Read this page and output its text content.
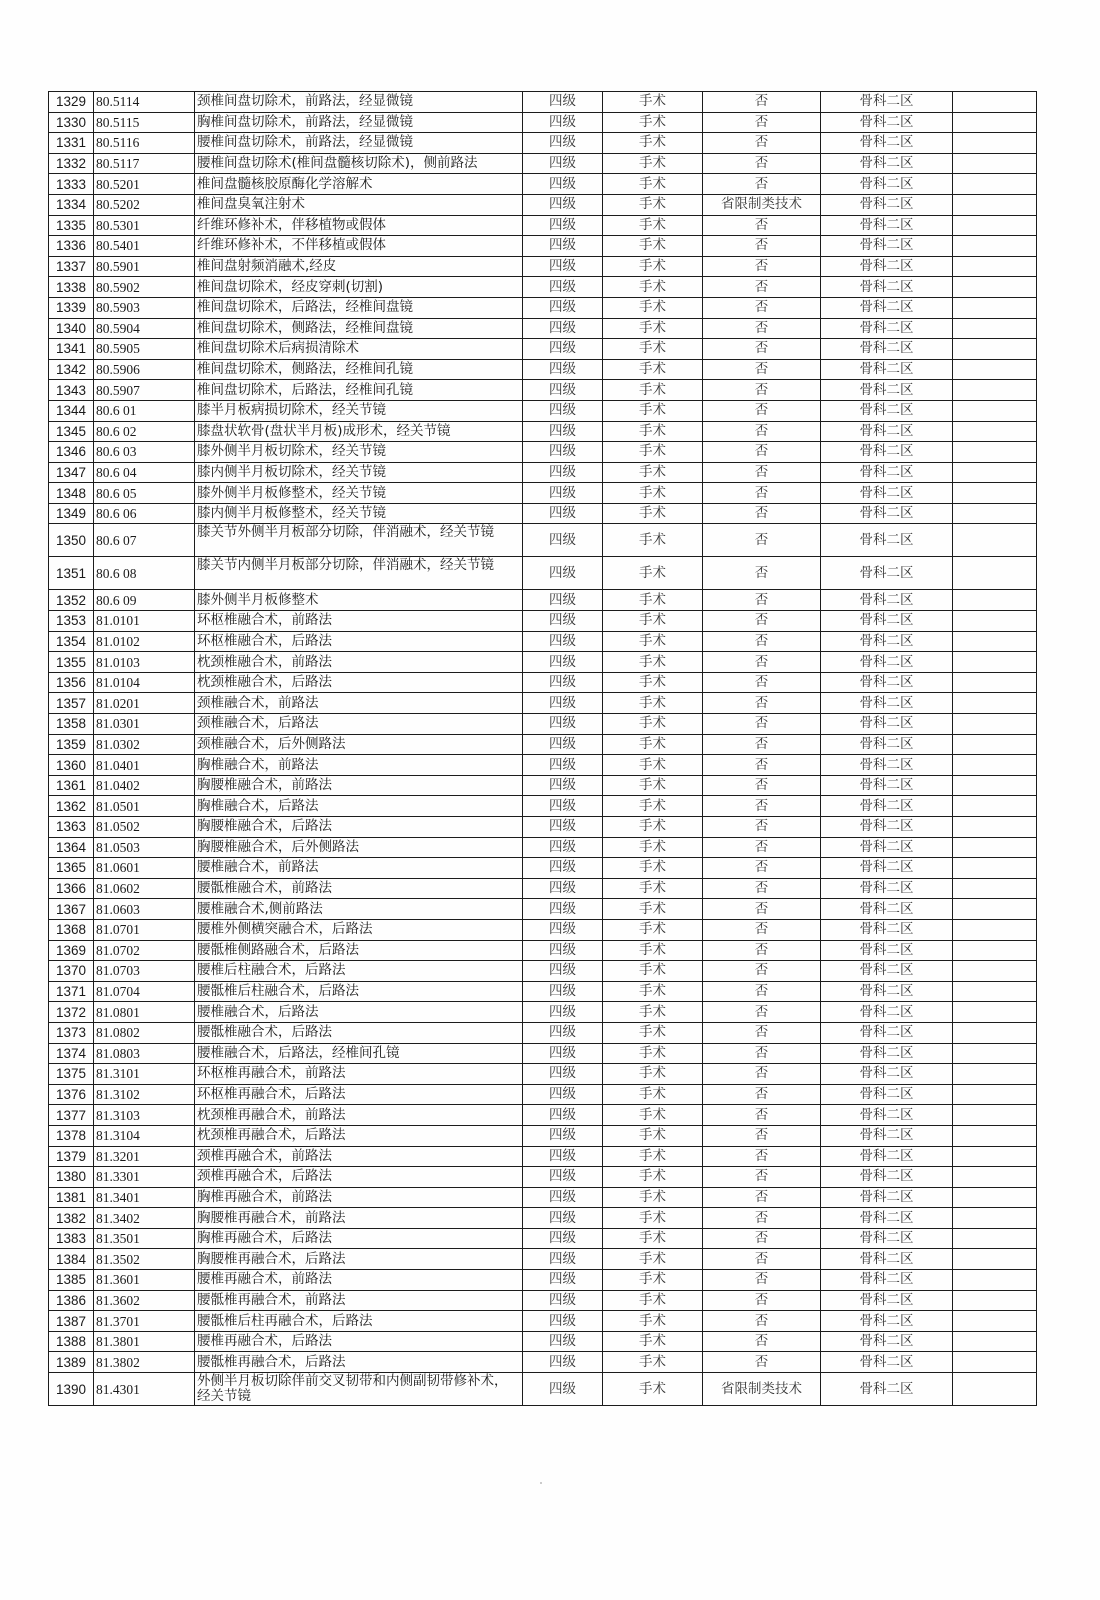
1329	80.5114	颈椎间盘切除术，前路法，经显微镜	四级	手术	否	骨科二区	
1330	80.5115	胸椎间盘切除术，前路法，经显微镜	四级	手术	否	骨科二区	
1331	80.5116	腰椎间盘切除术，前路法，经显微镜	四级	手术	否	骨科二区	
1332	80.5117	腰椎间盘切除术(椎间盘髓核切除术)，侧前路法	四级	手术	否	骨科二区	
1333	80.5201	椎间盘髓核胶原酶化学溶解术	四级	手术	否	骨科二区	
1334	80.5202	椎间盘臭氧注射术	四级	手术	省限制类技术	骨科二区	
1335	80.5301	纤维环修补术，伴移植物或假体	四级	手术	否	骨科二区	
1336	80.5401	纤维环修补术，不伴移植或假体	四级	手术	否	骨科二区	
1337	80.5901	椎间盘射频消融术,经皮	四级	手术	否	骨科二区	
1338	80.5902	椎间盘切除术，经皮穿刺(切割)	四级	手术	否	骨科二区	
1339	80.5903	椎间盘切除术，后路法，经椎间盘镜	四级	手术	否	骨科二区	
1340	80.5904	椎间盘切除术，侧路法，经椎间盘镜	四级	手术	否	骨科二区	
1341	80.5905	椎间盘切除术后病损清除术	四级	手术	否	骨科二区	
1342	80.5906	椎间盘切除术，侧路法，经椎间孔镜	四级	手术	否	骨科二区	
1343	80.5907	椎间盘切除术，后路法，经椎间孔镜	四级	手术	否	骨科二区	
1344	80.6 01	膝半月板病损切除术，经关节镜	四级	手术	否	骨科二区	
1345	80.6 02	膝盘状软骨(盘状半月板)成形术，经关节镜	四级	手术	否	骨科二区	
1346	80.6 03	膝外侧半月板切除术，经关节镜	四级	手术	否	骨科二区	
1347	80.6 04	膝内侧半月板切除术，经关节镜	四级	手术	否	骨科二区	
1348	80.6 05	膝外侧半月板修整术，经关节镜	四级	手术	否	骨科二区	
1349	80.6 06	膝内侧半月板修整术，经关节镜	四级	手术	否	骨科二区	
1350	80.6 07	膝关节外侧半月板部分切除，伴消融术，经关节镜	四级	手术	否	骨科二区	
1351	80.6 08	膝关节内侧半月板部分切除，伴消融术，经关节镜	四级	手术	否	骨科二区	
1352	80.6 09	膝外侧半月板修整术	四级	手术	否	骨科二区	
1353	81.0101	环枢椎融合术，前路法	四级	手术	否	骨科二区	
1354	81.0102	环枢椎融合术，后路法	四级	手术	否	骨科二区	
1355	81.0103	枕颈椎融合术，前路法	四级	手术	否	骨科二区	
1356	81.0104	枕颈椎融合术，后路法	四级	手术	否	骨科二区	
1357	81.0201	颈椎融合术，前路法	四级	手术	否	骨科二区	
1358	81.0301	颈椎融合术，后路法	四级	手术	否	骨科二区	
1359	81.0302	颈椎融合术，后外侧路法	四级	手术	否	骨科二区	
1360	81.0401	胸椎融合术，前路法	四级	手术	否	骨科二区	
1361	81.0402	胸腰椎融合术，前路法	四级	手术	否	骨科二区	
1362	81.0501	胸椎融合术，后路法	四级	手术	否	骨科二区	
1363	81.0502	胸腰椎融合术，后路法	四级	手术	否	骨科二区	
1364	81.0503	胸腰椎融合术，后外侧路法	四级	手术	否	骨科二区	
1365	81.0601	腰椎融合术，前路法	四级	手术	否	骨科二区	
1366	81.0602	腰骶椎融合术，前路法	四级	手术	否	骨科二区	
1367	81.0603	腰椎融合术,侧前路法	四级	手术	否	骨科二区	
1368	81.0701	腰椎外侧横突融合术，后路法	四级	手术	否	骨科二区	
1369	81.0702	腰骶椎侧路融合术，后路法	四级	手术	否	骨科二区	
1370	81.0703	腰椎后柱融合术，后路法	四级	手术	否	骨科二区	
1371	81.0704	腰骶椎后柱融合术，后路法	四级	手术	否	骨科二区	
1372	81.0801	腰椎融合术，后路法	四级	手术	否	骨科二区	
1373	81.0802	腰骶椎融合术，后路法	四级	手术	否	骨科二区	
1374	81.0803	腰椎融合术，后路法，经椎间孔镜	四级	手术	否	骨科二区	
1375	81.3101	环枢椎再融合术，前路法	四级	手术	否	骨科二区	
1376	81.3102	环枢椎再融合术，后路法	四级	手术	否	骨科二区	
1377	81.3103	枕颈椎再融合术，前路法	四级	手术	否	骨科二区	
1378	81.3104	枕颈椎再融合术，后路法	四级	手术	否	骨科二区	
1379	81.3201	颈椎再融合术，前路法	四级	手术	否	骨科二区	
1380	81.3301	颈椎再融合术，后路法	四级	手术	否	骨科二区	
1381	81.3401	胸椎再融合术，前路法	四级	手术	否	骨科二区	
1382	81.3402	胸腰椎再融合术，前路法	四级	手术	否	骨科二区	
1383	81.3501	胸椎再融合术，后路法	四级	手术	否	骨科二区	
1384	81.3502	胸腰椎再融合术，后路法	四级	手术	否	骨科二区	
1385	81.3601	腰椎再融合术，前路法	四级	手术	否	骨科二区	
1386	81.3602	腰骶椎再融合术，前路法	四级	手术	否	骨科二区	
1387	81.3701	腰骶椎后柱再融合术，后路法	四级	手术	否	骨科二区	
1388	81.3801	腰椎再融合术，后路法	四级	手术	否	骨科二区	
1389	81.3802	腰骶椎再融合术，后路法	四级	手术	否	骨科二区	
1390	81.4301	外侧半月板切除伴前交叉韧带和内侧副韧带修补术，经关节镜	四级	手术	省限制类技术	骨科二区	
